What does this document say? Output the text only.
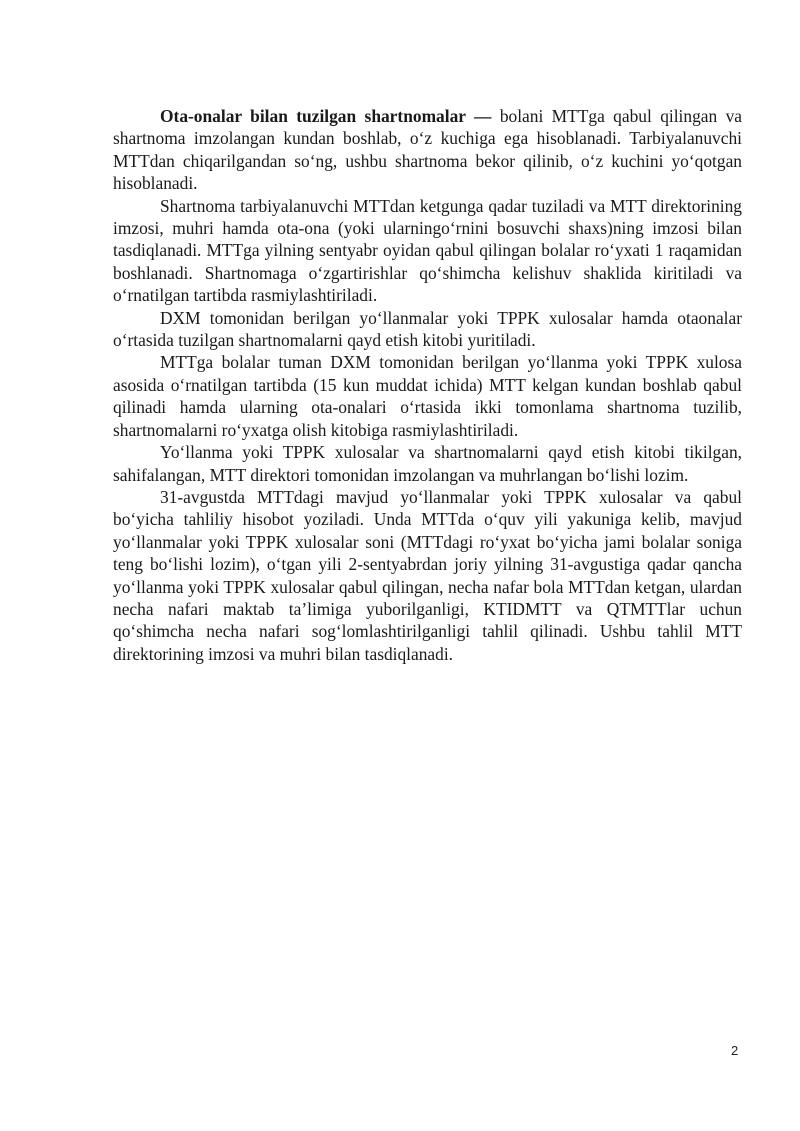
Ota-onalar bilan tuzilgan shartnomalar — bolani MTTga qabul qilingan va shartnoma imzolangan kundan boshlab, o‘z kuchiga ega hisoblanadi. Tarbiyalanuvchi MTTdan chiqarilgandan so‘ng, ushbu shartnoma bekor qilinib, o‘z kuchini yo‘qotgan hisoblanadi.

Shartnoma tarbiyalanuvchi MTTdan ketgunga qadar tuziladi va MTT direktorining imzosi, muhri hamda ota-ona (yoki ularningo‘rnini bosuvchi shaxs)ning imzosi bilan tasdiqlanadi. MTTga yilning sentyabr oyidan qabul qilingan bolalar ro‘yxati 1 raqamidan boshlanadi. Shartnomaga o‘zgartirishlar qo‘shimcha kelishuv shaklida kiritiladi va o‘rnatilgan tartibda rasmiylashtiriladi.

DXM tomonidan berilgan yo‘llanmalar yoki TPPK xulosalar hamda otaonalar o‘rtasida tuzilgan shartnomalarni qayd etish kitobi yuritiladi.

MTTga bolalar tuman DXM tomonidan berilgan yo‘llanma yoki TPPK xulosa asosida o‘rnatilgan tartibda (15 kun muddat ichida) MTT kelgan kundan boshlab qabul qilinadi hamda ularning ota-onalari o‘rtasida ikki tomonlama shartnoma tuzilib, shartnomalarni ro‘yxatga olish kitobiga rasmiylashtiriladi.

Yo‘llanma yoki TPPK xulosalar va shartnomalarni qayd etish kitobi tikilgan, sahifalangan, MTT direktori tomonidan imzolangan va muhrlangan bo‘lishi lozim.

31-avgustda MTTdagi mavjud yo‘llanmalar yoki TPPK xulosalar va qabul bo‘yicha tahliliy hisobot yoziladi. Unda MTTda o‘quv yili yakuniga kelib, mavjud yo‘llanmalar yoki TPPK xulosalar soni (MTTdagi ro‘yxat bo‘yicha jami bolalar soniga teng bo‘lishi lozim), o‘tgan yili 2-sentyabrdan joriy yilning 31-avgustiga qadar qancha yo‘llanma yoki TPPK xulosalar qabul qilingan, necha nafar bola MTTdan ketgan, ulardan necha nafari maktab ta’limiga yuborilganligi, KTIDMTT va QTMTTlar uchun qo‘shimcha necha nafari sog‘lomlashtirilganligi tahlil qilinadi. Ushbu tahlil MTT direktorining imzosi va muhri bilan tasdiqlanadi.

2
